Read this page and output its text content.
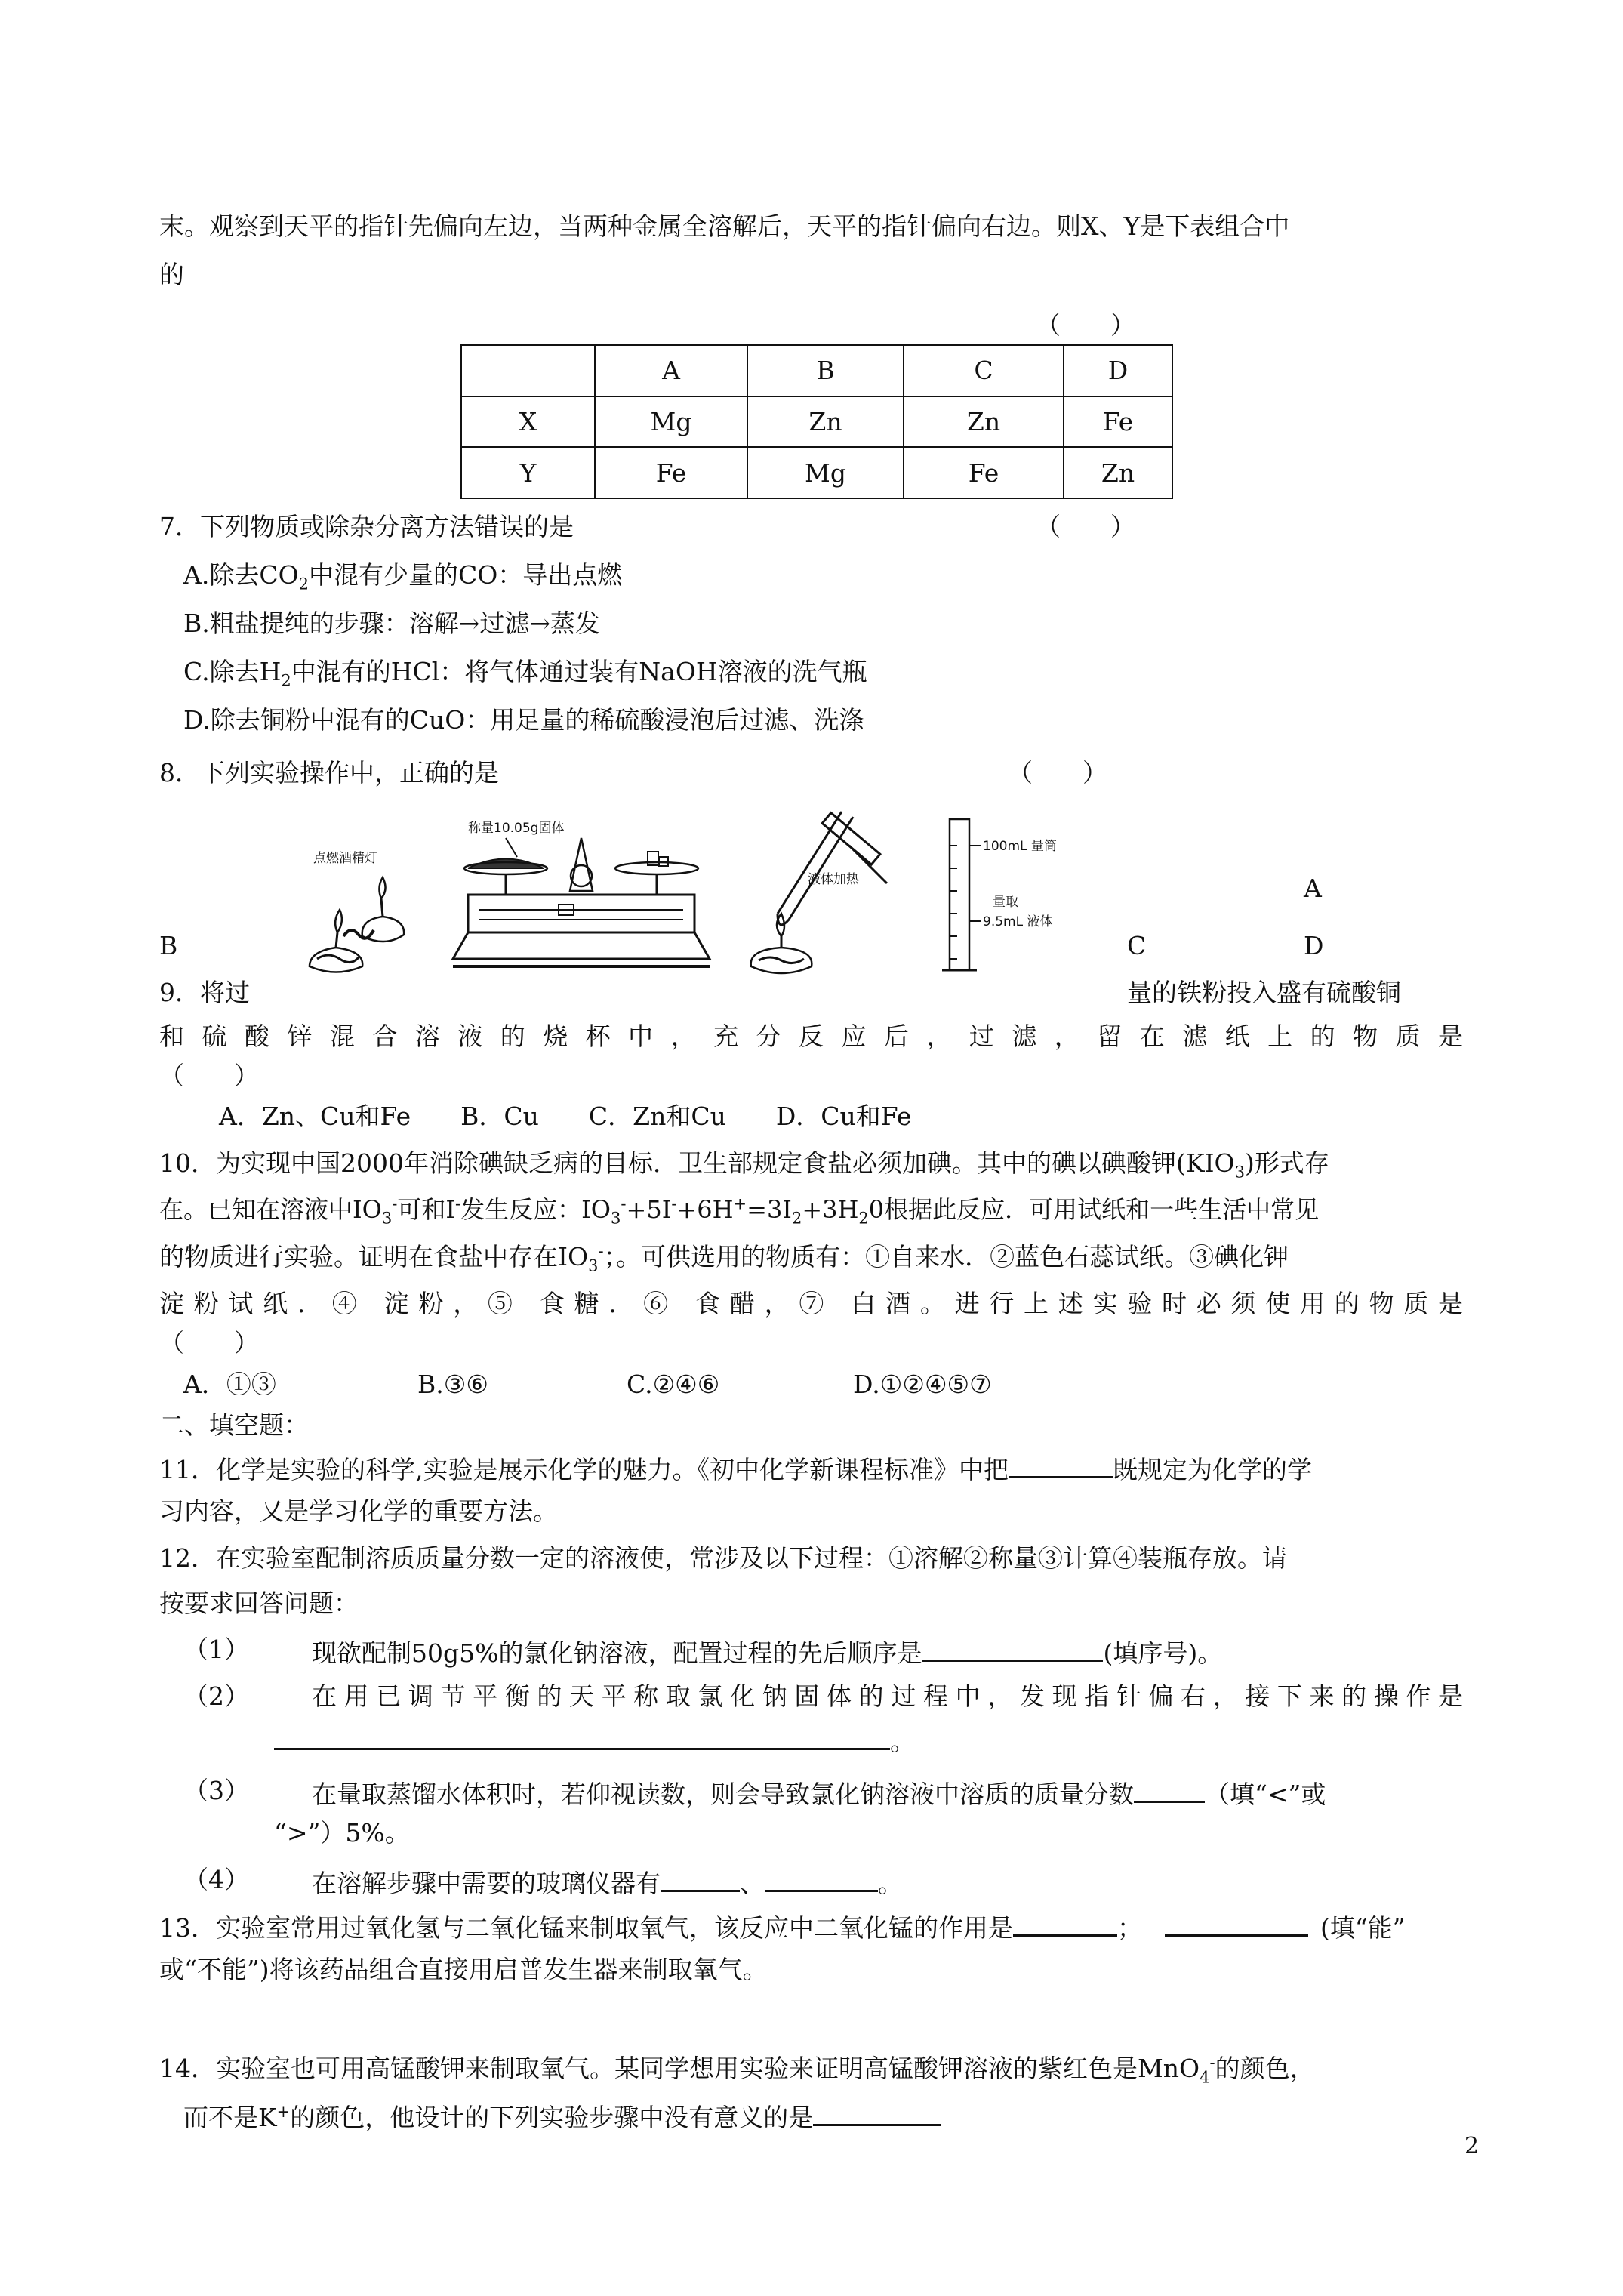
末。观察到天平的指针先偏向左边，当两种金属全溶解后，天平的指针偏向右边。则X、Y是下表组合中
的
（　　）
	A	B	C	D
X	Mg	Zn	Zn	Fe
Y	Fe	Mg	Fe	Zn
7．下列物质或除杂分离方法错误的是	（　　）
A.除去$CO_2$中混有少量的CO：导出点燃
B.粗盐提纯的步骤：溶解→过滤→蒸发
C.除去$H_2$中混有的HCl：将气体通过装有NaOH溶液的洗气瓶
D.除去铜粉中混有的CuO：用足量的稀硫酸浸泡后过滤、洗涤
8．下列实验操作中，正确的是	（　　）
点燃酒精灯
称量10.05g固体
液体加热
100mL 量筒
量取
9.5mL 液体
A
B	C	D
9．将过	量的铁粉投入盛有硫酸铜
和硫酸锌混合溶液的烧杯中，充分反应后，过滤，留在滤纸上的物质是
（　　）
A．Zn、Cu和Fe　　B．Cu　　C．Zn和Cu　　D．Cu和Fe
10．为实现中国2000年消除碘缺乏病的目标．卫生部规定食盐必须加碘。其中的碘以碘酸钾$(KIO_3)$形式存
在。已知在溶液中$IO_3^-$可和I-发生反应：$IO_3^-+5I^-+6H^+=3I_2+3H_20$根据此反应．可用试纸和一些生活中常见
的物质进行实验。证明在食盐中存在$IO_3^-$；。可供选用的物质有：①自来水．②蓝色石蕊试纸。③碘化钾
淀粉试纸．④ 淀粉，⑤ 食糖．⑥ 食醋，⑦ 白酒。进行上述实验时必须使用的物质是
（　　）
A．①③	B.③⑥	C.②④⑥	D.①②④⑤⑦
二、填空题：
11．化学是实验的科学,实验是展示化学的魅力。《初中化学新课程标准》中把	既规定为化学的学
习内容，又是学习化学的重要方法。
12．在实验室配制溶质质量分数一定的溶液使，常涉及以下过程：①溶解②称量③计算④装瓶存放。请
按要求回答问题：
（1）	现欲配制50g5%的氯化钠溶液，配置过程的先后顺序是	(填序号)。
（2）	在用已调节平衡的天平称取氯化钠固体的过程中，发现指针偏右，接下来的操作是
。
（3）	在量取蒸馏水体积时，若仰视读数，则会导致氯化钠溶液中溶质的质量分数	（填“<”或
“>”）5%。
（4）	在溶解步骤中需要的玻璃仪器有	、	。
13．实验室常用过氧化氢与二氧化锰来制取氧气，该反应中二氧化锰的作用是	；	(填“能”
或“不能”)将该药品组合直接用启普发生器来制取氧气。
14．实验室也可用高锰酸钾来制取氧气。某同学想用实验来证明高锰酸钾溶液的紫红色是MnO$_4$-的颜色，
而不是K+的颜色，他设计的下列实验步骤中没有意义的是
2
